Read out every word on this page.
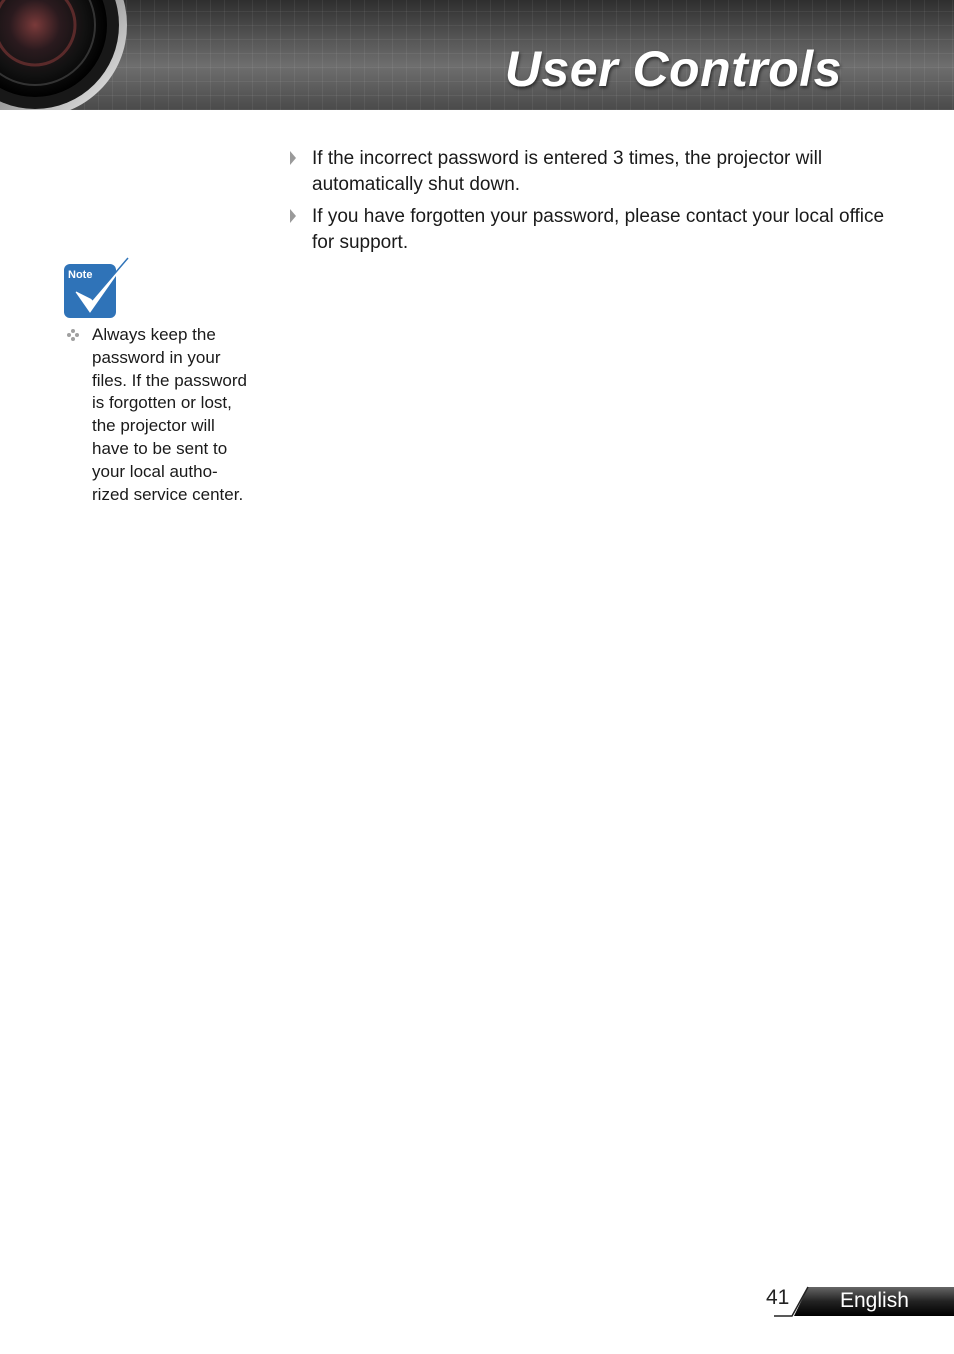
User Controls
If the incorrect password is entered 3 times, the projector will automatically shut down.
If you have forgotten your password, please contact your local office for support.
Note

Always keep the
password in your
files. If the password
is forgotten or lost,
the projector will
have to be sent to
your local autho-
rized service center.

41 English
